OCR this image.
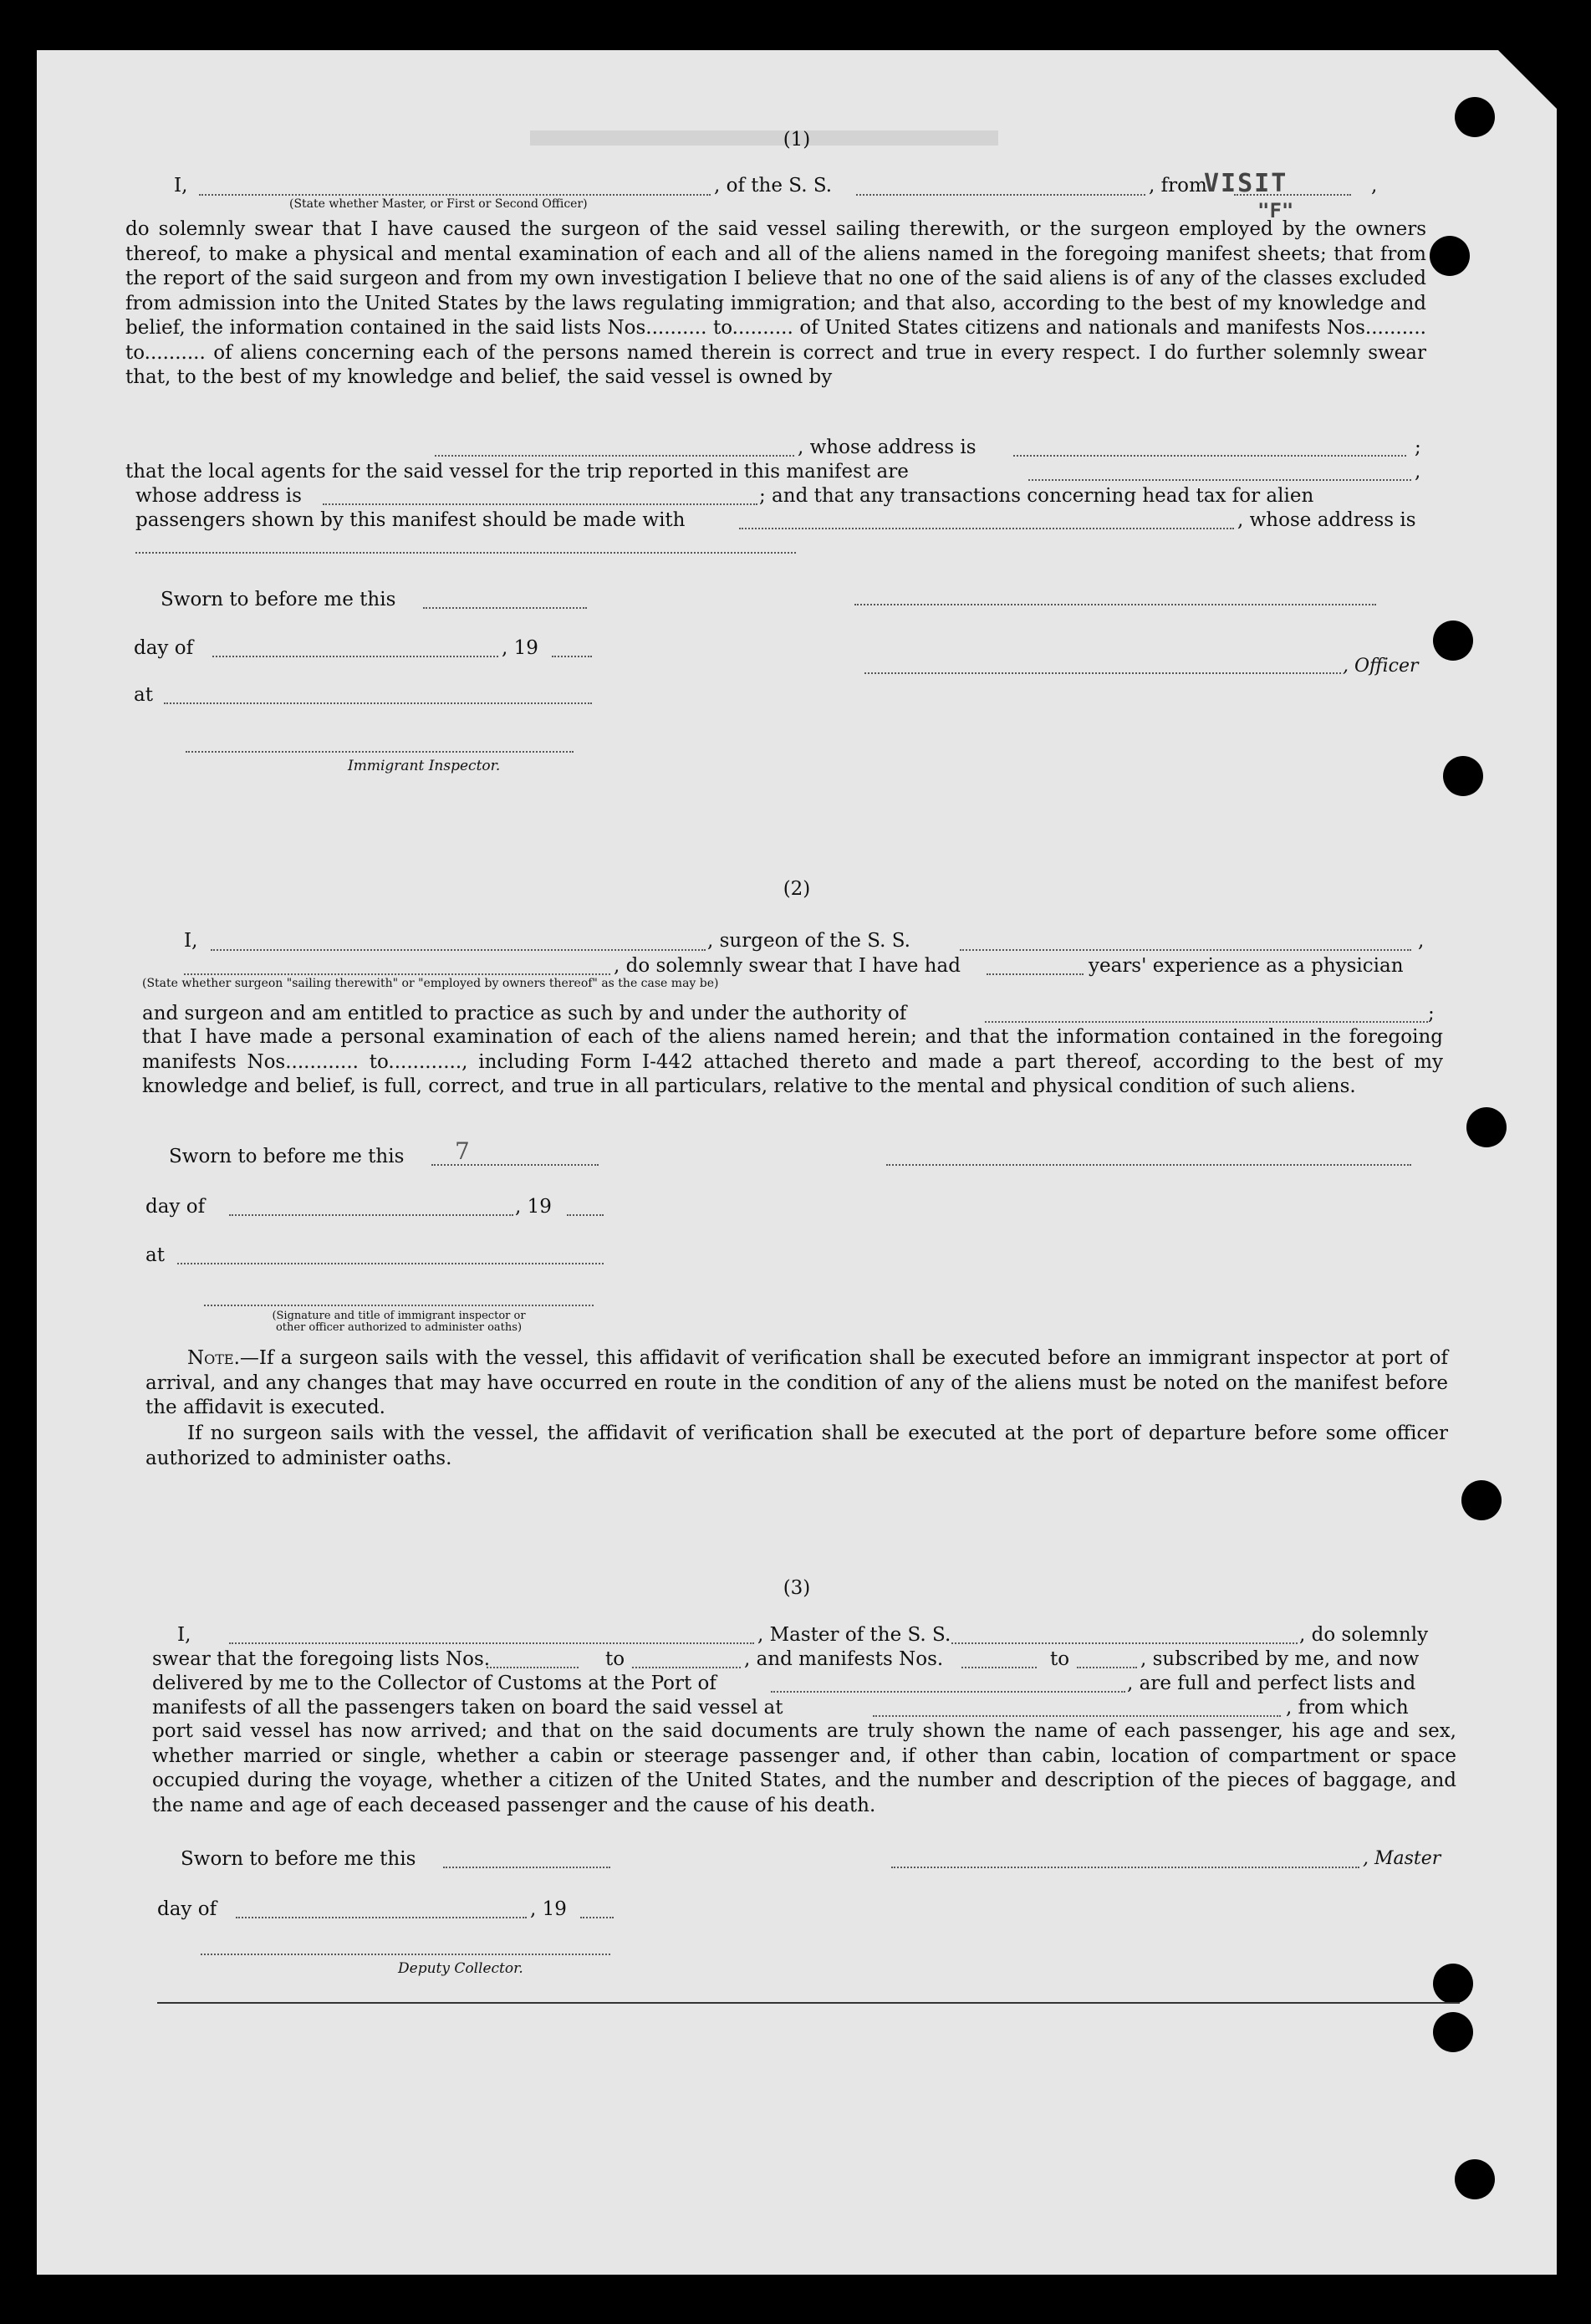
VISIT
"F"
(1)
I,	, of the S. S.	, from	,
(State whether Master, or First or Second Officer)
do solemnly swear that I have caused the surgeon of the said vessel sailing therewith, or the surgeon employed by the owners thereof, to make a physical and mental examination of each and all of the aliens named in the foregoing manifest sheets; that from the report of the said surgeon and from my own investigation I believe that no one of the said aliens is of any of the classes excluded from admission into the United States by the laws regulating immigration; and that also, according to the best of my knowledge and belief, the information contained in the said lists Nos.......... to.......... of United States citizens and nationals and manifests Nos.......... to.......... of aliens concerning each of the persons named therein is correct and true in every respect. I do further solemnly swear that, to the best of my knowledge and belief, the said vessel is owned by
, whose address is	;
that the local agents for the said vessel for the trip reported in this manifest are	,
whose address is	; and that any transactions concerning head tax for alien
passengers shown by this manifest should be made with	, whose address is
Sworn to before me this
day of	, 19
, Officer
at
Immigrant Inspector.
(2)
I,	, surgeon of the S. S.	,
, do solemnly swear that I have had	years' experience as a physician
(State whether surgeon "sailing therewith" or "employed by owners thereof" as the case may be)
and surgeon and am entitled to practice as such by and under the authority of	;
that I have made a personal examination of each of the aliens named herein; and that the information contained in the foregoing manifests Nos............ to............, including Form I-442 attached thereto and made a part thereof, according to the best of my knowledge and belief, is full, correct, and true in all particulars, relative to the mental and physical condition of such aliens.
Sworn to before me this 7
day of	, 19
at
(Signature and title of immigrant inspector or
other officer authorized to administer oaths)
Note.—If a surgeon sails with the vessel, this affidavit of verification shall be executed before an immigrant inspector at port of arrival, and any changes that may have occurred en route in the condition of any of the aliens must be noted on the manifest before the affidavit is executed.
If no surgeon sails with the vessel, the affidavit of verification shall be executed at the port of departure before some officer authorized to administer oaths.
(3)
I,	, Master of the S. S.	, do solemnly
swear that the foregoing lists Nos.	to	, and manifests Nos.	to	, subscribed by me, and now
delivered by me to the Collector of Customs at the Port of	, are full and perfect lists and
manifests of all the passengers taken on board the said vessel at	, from which
port said vessel has now arrived; and that on the said documents are truly shown the name of each passenger, his age and sex, whether married or single, whether a cabin or steerage passenger and, if other than cabin, location of compartment or space occupied during the voyage, whether a citizen of the United States, and the number and description of the pieces of baggage, and the name and age of each deceased passenger and the cause of his death.
Sworn to before me this	, Master
day of	, 19
Deputy Collector.
